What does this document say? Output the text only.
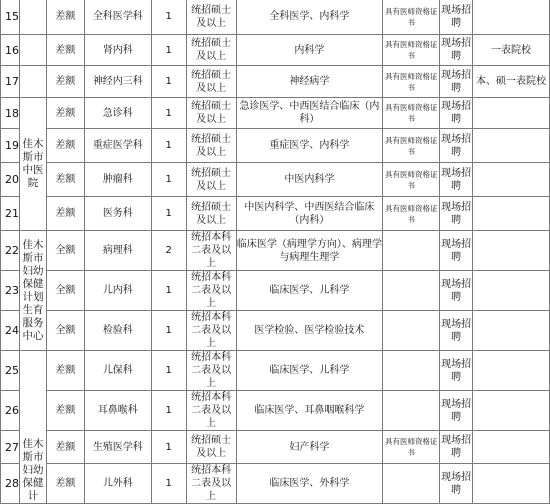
15		差额	全科医学科	1	统招硕士及以上	全科医学、内科学	具有医师资格证书	现场招聘	
16		差额	肾内科	1	统招硕士及以上	内科学	具有医师资格证书	现场招聘	一表院校
17		差额	神经内三科	1	统招硕士及以上	神经病学	具有医师资格证书	现场招聘	本、硕一表院校
18	佳木斯市中医院	差额	急诊科	1	统招硕士及以上	急诊医学、中西医结合临床（内科）	具有医师资格证书	现场招聘	
19		差额	重症医学科	1	统招硕士及以上	重症医学、内科学	具有医师资格证书	现场招聘	
20		差额	肿瘤科	1	统招硕士及以上	中医内科学	具有医师资格证书	现场招聘	
21		差额	医务科	1	统招硕士及以上	中医内科学、中西医结合临床（内科）	具有医师资格证书	现场招聘	
22	佳木斯市妇幼保健计划生育服务中心	全额	病理科	2	统招本科二表及以上	临床医学（病理学方向）、病理学与病理生理学		现场招聘	
23		全额	儿内科	1	统招本科二表及以上	临床医学、儿科学		现场招聘	
24		全额	检验科	1	统招本科二表及以上	医学检验、医学检验技术		现场招聘	
25	佳木斯市妇幼保健计	差额	儿保科	1	统招本科二表及以上	临床医学、儿科学		现场招聘	
26		差额	耳鼻喉科	1	统招本科二表及以上	临床医学、耳鼻咽喉科学		现场招聘	
27		差额	生殖医学科	1	统招硕士及以上	妇产科学	具有医师资格证书	现场招聘	
28		差额	儿外科	1	统招本科二表及以上	临床医学、外科学		现场招聘	
